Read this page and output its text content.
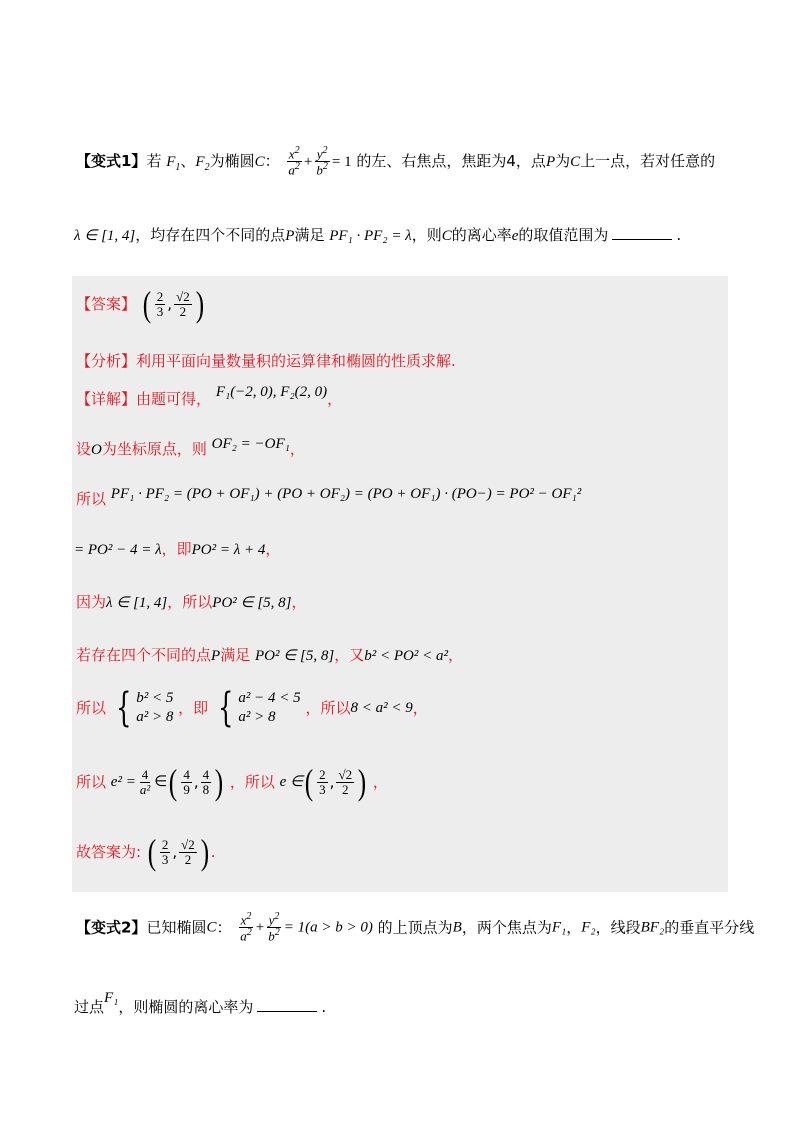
【变式1】若 $F_1$、$F_2$为椭圆C： $\frac{x^2}{a^2} + \frac{y^2}{b^2} = 1$ 的左、右焦点，焦距为4，点P为C上一点，若对任意的
λ ∈ [1, 4]，均存在四个不同的点P满足 PF₁ · PF₂ = λ，则C的离心率e的取值范围为	.
【答案】 ( $\frac{2}{3}$ , $\frac{√2}{2}$ )
【分析】利用平面向量数量积的运算律和椭圆的性质求解.
【详解】由题可得， F₁(−2, 0), F₂(2, 0)，
设O为坐标原点，则 OF₂ = −OF₁，
所以 PF₁ · PF₂ = (PO + OF₁) + (PO + OF₂) = (PO + OF₁) · (PO−) = PO² − OF₁²
= PO² − 4 = λ，即PO² = λ + 4，
因为λ ∈ [1, 4]，所以PO² ∈ [5, 8]，
若存在四个不同的点P满足 PO² ∈ [5, 8]，又b² < PO² < a²，
所以 { b² < 5
a² > 8 ，即 { a² − 4 < 5
a² > 8	，所以8 < a² < 9，
所以 $e^2 = \frac{4}{\text{a²}}$ ∈ ( $\frac{4}{9}$ , $\frac{4}{8}$ ) ，所以 e ∈ ( $\frac{2}{3}$ , $\frac{√2}{2}$ ) ，
故答案为: ( $\frac{2}{3}$ , $\frac{√2}{2}$ ) .
【变式2】已知椭圆C： $\frac{x^2}{a^2} + \frac{y^2}{b^2} = 1(a > b > 0)$ 的上顶点为B，两个焦点为F₁，F₂，线段BF₂的垂直平分线
过点F₁，则椭圆的离心率为	.
